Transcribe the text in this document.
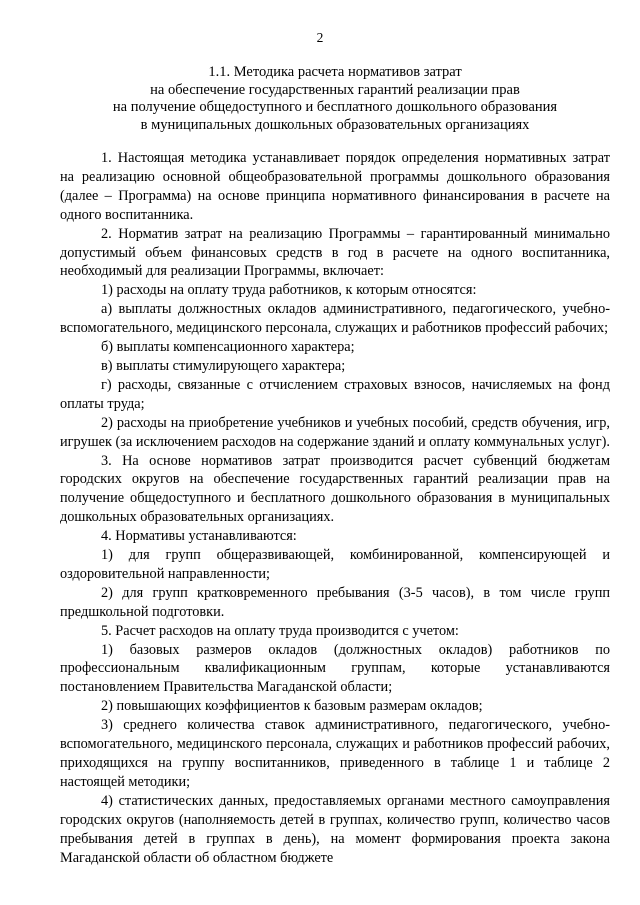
2
1.1. Методика расчета нормативов затрат
на обеспечение государственных гарантий реализации прав
на получение общедоступного и бесплатного дошкольного образования
в муниципальных дошкольных образовательных организациях

1. Настоящая методика устанавливает порядок определения нормативных затрат на реализацию основной общеобразовательной программы дошкольного образования (далее – Программа) на основе принципа нормативного финансирования в расчете на одного воспитанника.

2. Норматив затрат на реализацию Программы – гарантированный минимально допустимый объем финансовых средств в год в расчете на одного воспитанника, необходимый для реализации Программы, включает:

1) расходы на оплату труда работников, к которым относятся:

а) выплаты должностных окладов административного, педагогического, учебно-вспомогательного, медицинского персонала, служащих и работников профессий рабочих;

б) выплаты компенсационного характера;

в) выплаты стимулирующего характера;

г) расходы, связанные с отчислением страховых взносов, начисляемых на фонд оплаты труда;

2) расходы на приобретение учебников и учебных пособий, средств обучения, игр, игрушек (за исключением расходов на содержание зданий и оплату коммунальных услуг).

3. На основе нормативов затрат производится расчет субвенций бюджетам городских округов на обеспечение государственных гарантий реализации прав на получение общедоступного и бесплатного дошкольного образования в муниципальных дошкольных образовательных организациях.

4. Нормативы устанавливаются:

1) для групп общеразвивающей, комбинированной, компенсирующей и оздоровительной направленности;

2) для групп кратковременного пребывания (3-5 часов), в том числе групп предшкольной подготовки.

5. Расчет расходов на оплату труда производится с учетом:

1) базовых размеров окладов (должностных окладов) работников по профессиональным квалификационным группам, которые устанавливаются постановлением Правительства Магаданской области;

2) повышающих коэффициентов к базовым размерам окладов;

3) среднего количества ставок административного, педагогического, учебно-вспомогательного, медицинского персонала, служащих и работников профессий рабочих, приходящихся на группу воспитанников, приведенного в таблице 1 и таблице 2 настоящей методики;

4) статистических данных, предоставляемых органами местного самоуправления городских округов (наполняемость детей в группах, количество групп, количество часов пребывания детей в группах в день), на момент формирования проекта закона Магаданской области об областном бюджете
